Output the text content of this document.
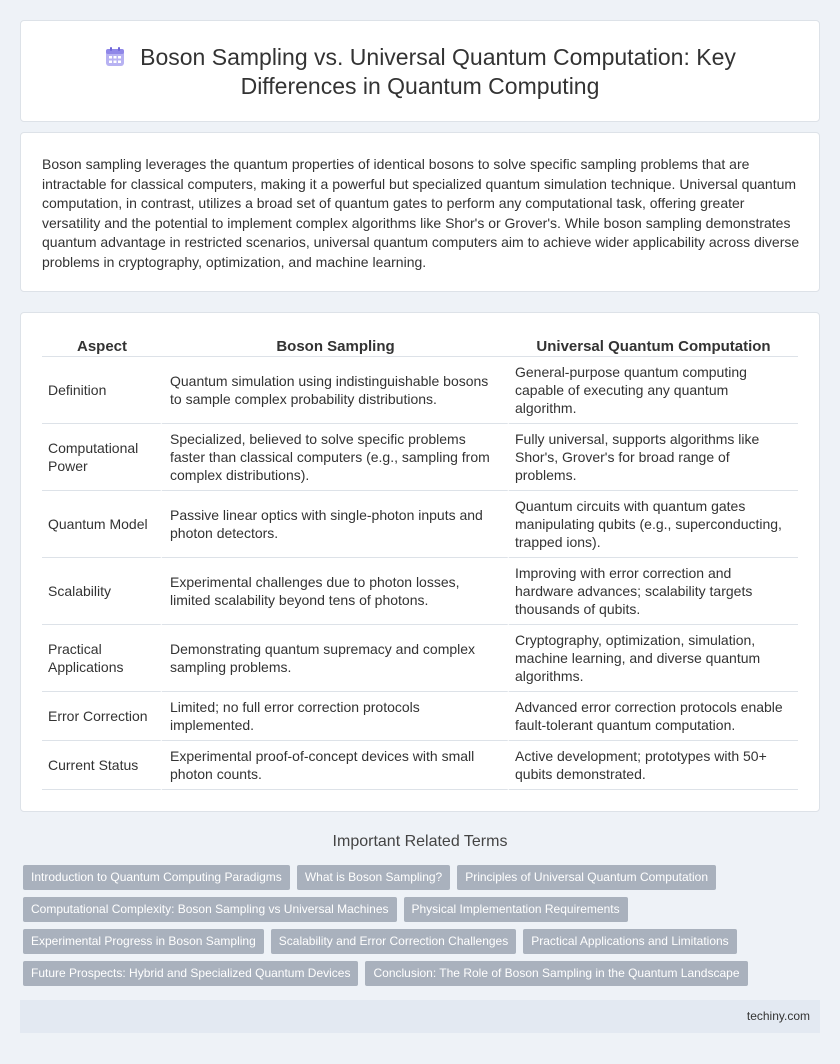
Boson Sampling vs. Universal Quantum Computation: Key Differences in Quantum Computing

Boson sampling leverages the quantum properties of identical bosons to solve specific sampling problems that are intractable for classical computers, making it a powerful but specialized quantum simulation technique. Universal quantum computation, in contrast, utilizes a broad set of quantum gates to perform any computational task, offering greater versatility and the potential to implement complex algorithms like Shor's or Grover's. While boson sampling demonstrates quantum advantage in restricted scenarios, universal quantum computers aim to achieve wider applicability across diverse problems in cryptography, optimization, and machine learning.

Aspect	Boson Sampling	Universal Quantum Computation
Definition	Quantum simulation using indistinguishable bosons to sample complex probability distributions.	General-purpose quantum computing capable of executing any quantum algorithm.
Computational Power	Specialized, believed to solve specific problems faster than classical computers (e.g., sampling from complex distributions).	Fully universal, supports algorithms like Shor's, Grover's for broad range of problems.
Quantum Model	Passive linear optics with single-photon inputs and photon detectors.	Quantum circuits with quantum gates manipulating qubits (e.g., superconducting, trapped ions).
Scalability	Experimental challenges due to photon losses, limited scalability beyond tens of photons.	Improving with error correction and hardware advances; scalability targets thousands of qubits.
Practical Applications	Demonstrating quantum supremacy and complex sampling problems.	Cryptography, optimization, simulation, machine learning, and diverse quantum algorithms.
Error Correction	Limited; no full error correction protocols implemented.	Advanced error correction protocols enable fault-tolerant quantum computation.
Current Status	Experimental proof-of-concept devices with small photon counts.	Active development; prototypes with 50+ qubits demonstrated.
Important Related Terms
Introduction to Quantum Computing Paradigms	What is Boson Sampling?	Principles of Universal Quantum Computation
Computational Complexity: Boson Sampling vs Universal Machines	Physical Implementation Requirements
Experimental Progress in Boson Sampling	Scalability and Error Correction Challenges	Practical Applications and Limitations
Future Prospects: Hybrid and Specialized Quantum Devices	Conclusion: The Role of Boson Sampling in the Quantum Landscape
techiny.com
